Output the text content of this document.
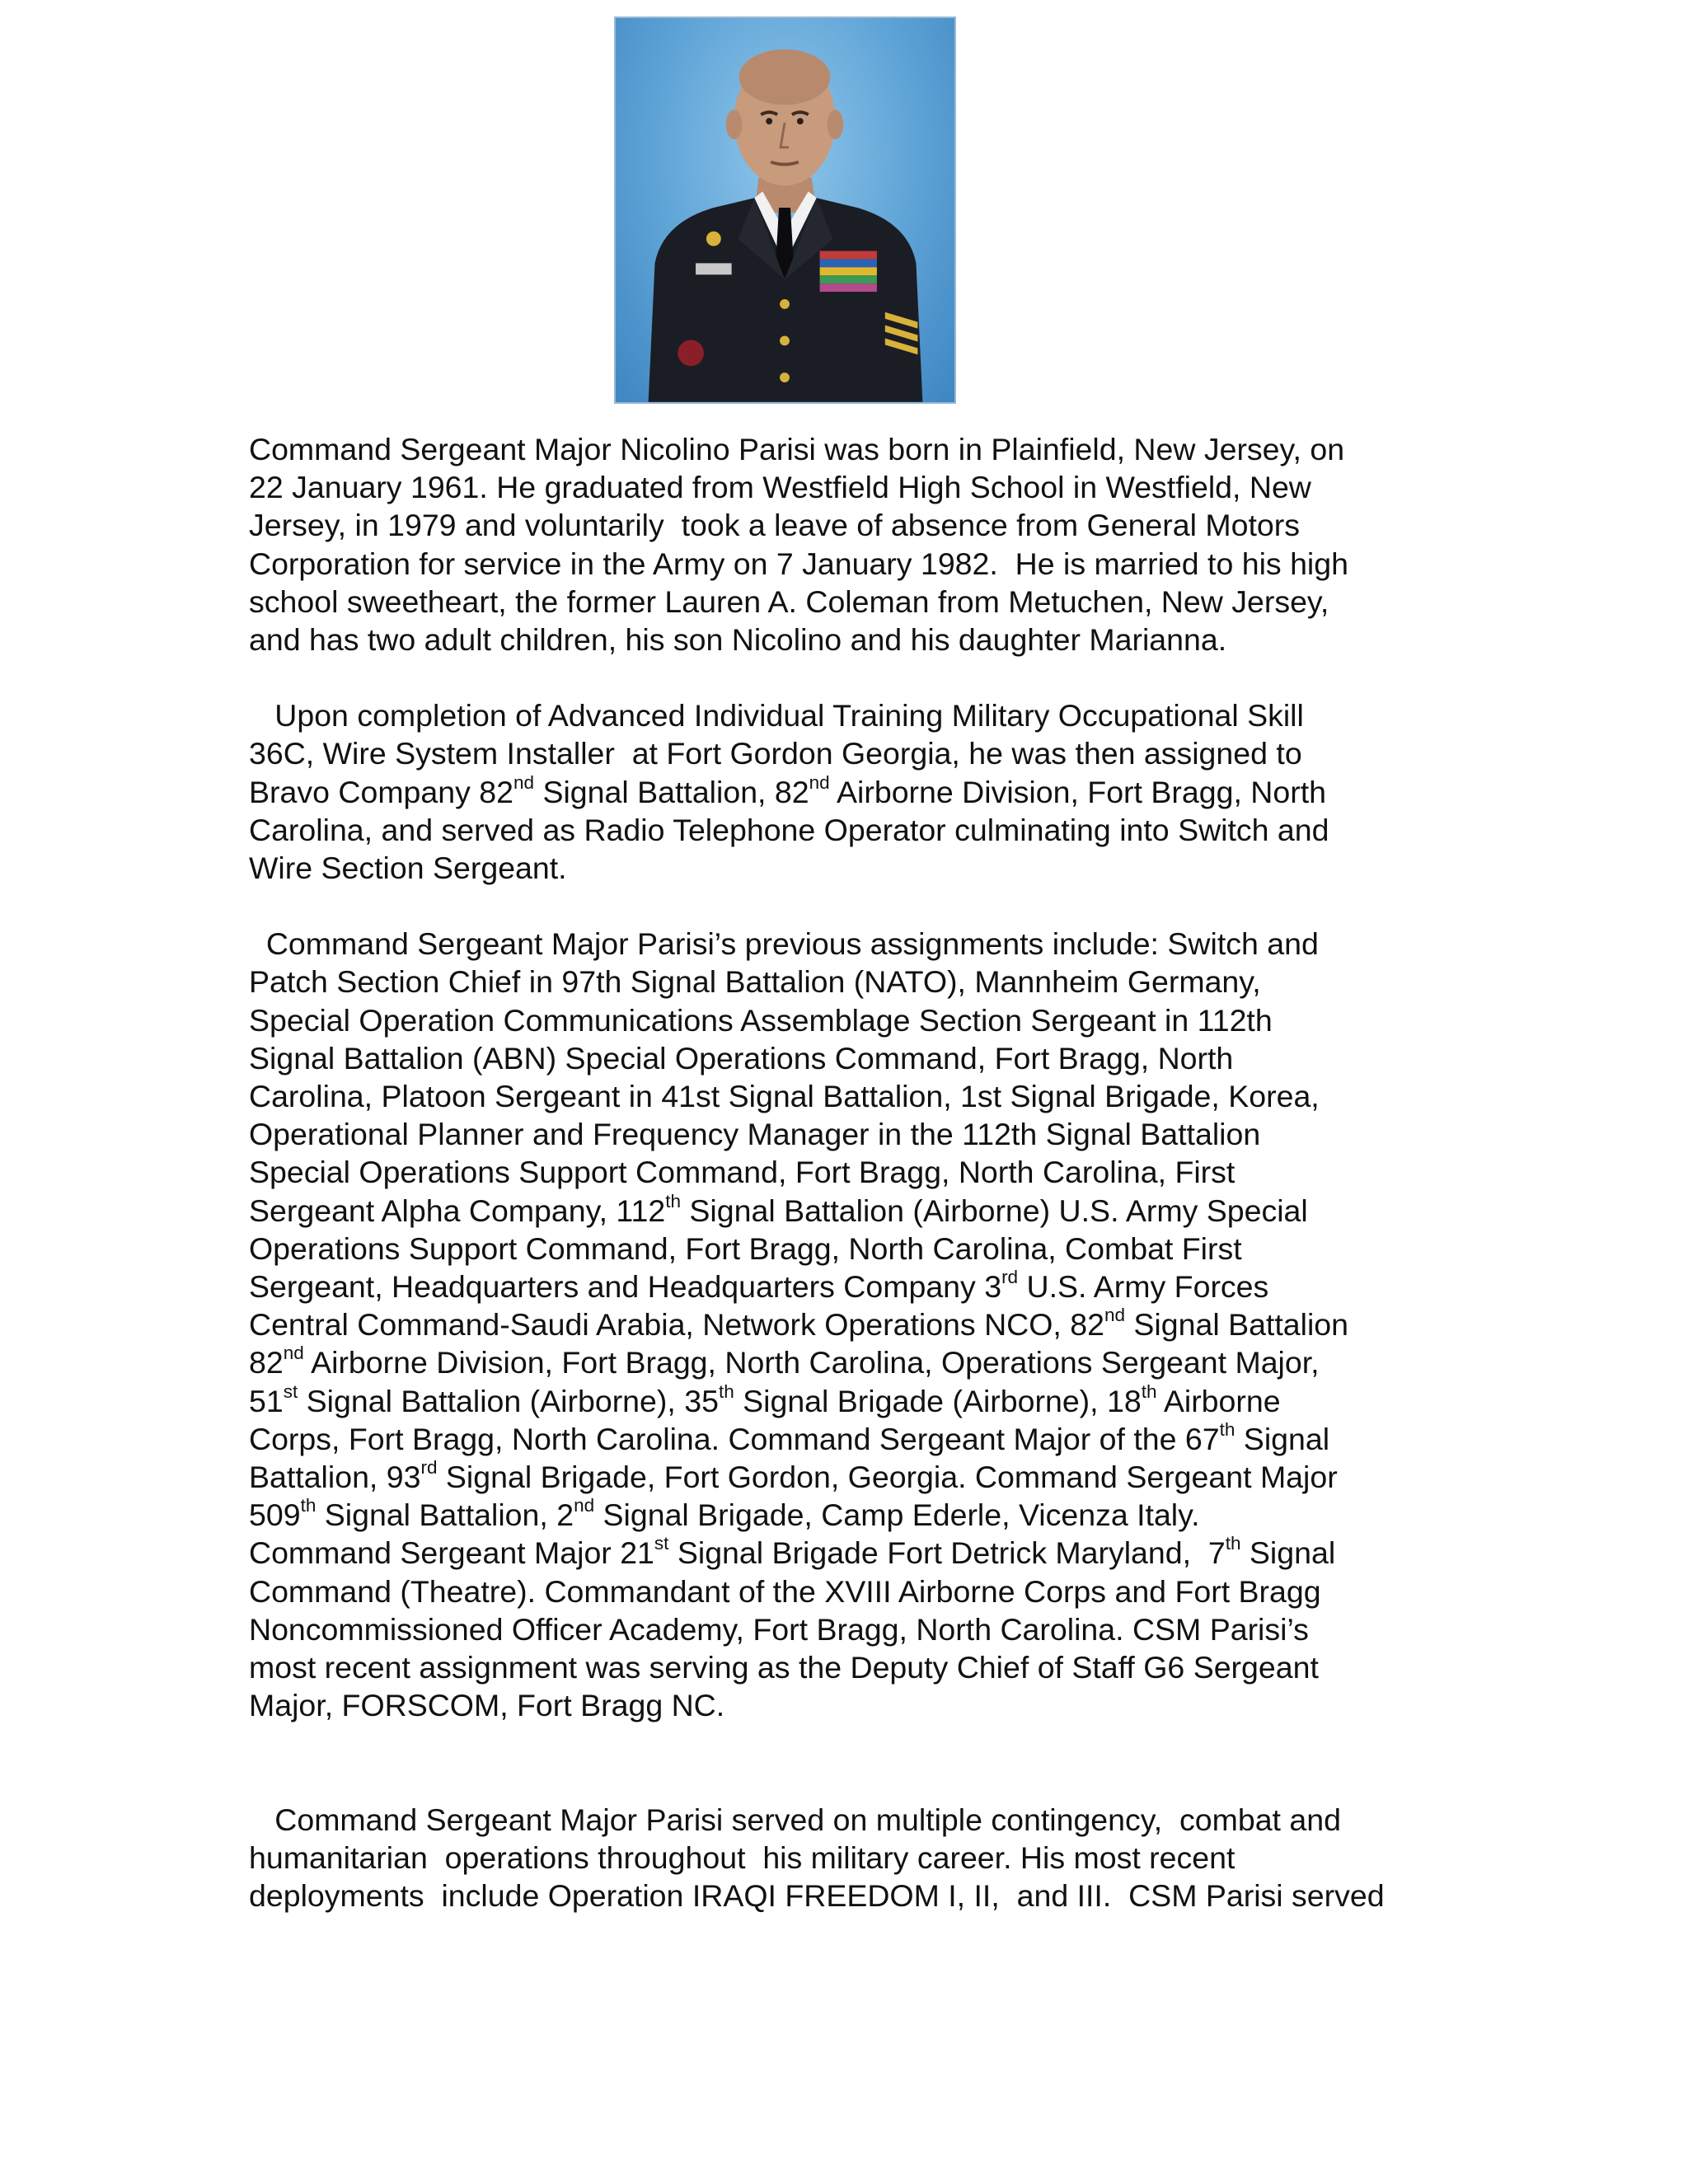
Command Sergeant Major Nicolino Parisi was born in Plainfield, New Jersey, on
22 January 1961. He graduated from Westfield High School in Westfield, New
Jersey, in 1979 and voluntarily  took a leave of absence from General Motors
Corporation for service in the Army on 7 January 1982.  He is married to his high
school sweetheart, the former Lauren A. Coleman from Metuchen, New Jersey,
and has two adult children, his son Nicolino and his daughter Marianna.

Upon completion of Advanced Individual Training Military Occupational Skill
36C, Wire System Installer  at Fort Gordon Georgia, he was then assigned to
Bravo Company 82nd Signal Battalion, 82nd Airborne Division, Fort Bragg, North
Carolina, and served as Radio Telephone Operator culminating into Switch and
Wire Section Sergeant.

Command Sergeant Major Parisi’s previous assignments include: Switch and
Patch Section Chief in 97th Signal Battalion (NATO), Mannheim Germany,
Special Operation Communications Assemblage Section Sergeant in 112th
Signal Battalion (ABN) Special Operations Command, Fort Bragg, North
Carolina, Platoon Sergeant in 41st Signal Battalion, 1st Signal Brigade, Korea,
Operational Planner and Frequency Manager in the 112th Signal Battalion
Special Operations Support Command, Fort Bragg, North Carolina, First
Sergeant Alpha Company, 112th Signal Battalion (Airborne) U.S. Army Special
Operations Support Command, Fort Bragg, North Carolina, Combat First
Sergeant, Headquarters and Headquarters Company 3rd U.S. Army Forces
Central Command-Saudi Arabia, Network Operations NCO, 82nd Signal Battalion
82nd Airborne Division, Fort Bragg, North Carolina, Operations Sergeant Major,
51st Signal Battalion (Airborne), 35th Signal Brigade (Airborne), 18th Airborne
Corps, Fort Bragg, North Carolina. Command Sergeant Major of the 67th Signal
Battalion, 93rd Signal Brigade, Fort Gordon, Georgia. Command Sergeant Major
509th Signal Battalion, 2nd Signal Brigade, Camp Ederle, Vicenza Italy.
Command Sergeant Major 21st Signal Brigade Fort Detrick Maryland,  7th Signal
Command (Theatre). Commandant of the XVIII Airborne Corps and Fort Bragg
Noncommissioned Officer Academy, Fort Bragg, North Carolina. CSM Parisi’s
most recent assignment was serving as the Deputy Chief of Staff G6 Sergeant
Major, FORSCOM, Fort Bragg NC.

Command Sergeant Major Parisi served on multiple contingency,  combat and
humanitarian  operations throughout  his military career. His most recent
deployments  include Operation IRAQI FREEDOM I, II,  and III.  CSM Parisi served
